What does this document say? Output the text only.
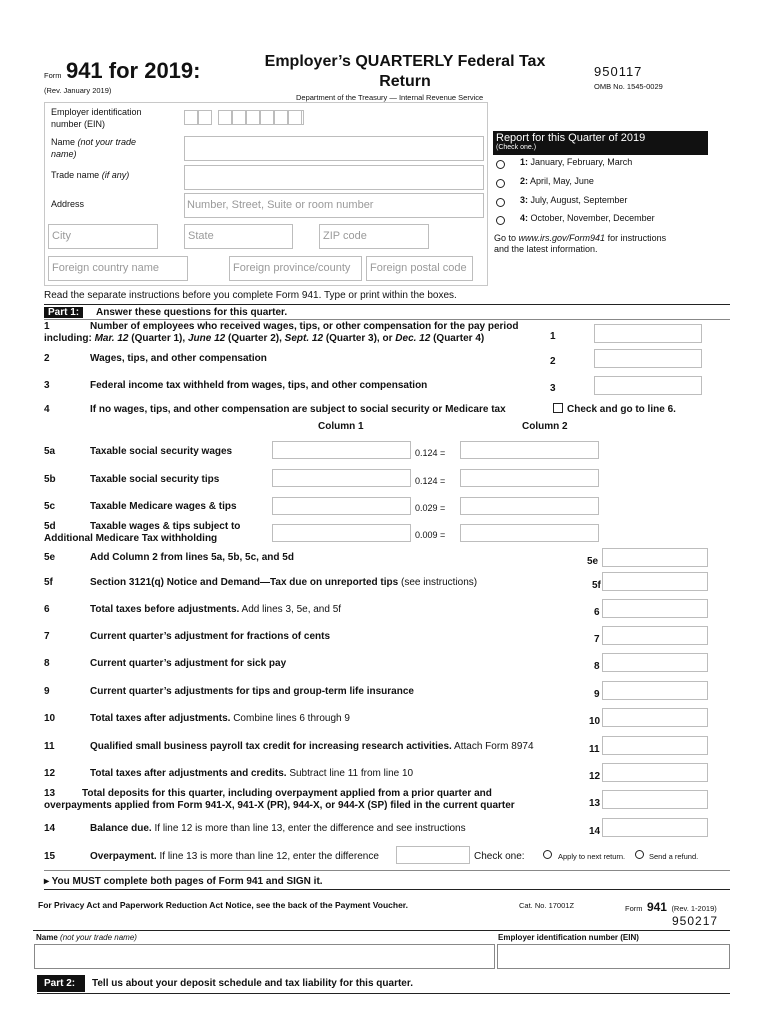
Form 941 for 2019:
(Rev. January 2019)
Employer’s QUARTERLY Federal Tax
Return
Department of the Treasury — Internal Revenue Service
950117
OMB No. 1545-0029
Employer identification
number (EIN)
Name (not your trade
name)
Trade name (if any)
Address	Number, Street, Suite or room number
City	State	ZIP code
Foreign country name	Foreign province/county Foreign postal code
Report for this Quarter of 2019
(Check one.)
1: January, February, March
2: April, May, June
3: July, August, September
4: October, November, December
Go to www.irs.gov/Form941 for instructions
and the latest information.
Read the separate instructions before you complete Form 941. Type or print within the boxes.
Part 1:	Answer these questions for this quarter.
1	Number of employees who received wages, tips, or other compensation for the pay period
including: Mar. 12 (Quarter 1), June 12 (Quarter 2), Sept. 12 (Quarter 3), or Dec. 12 (Quarter 4)	1
2	Wages, tips, and other compensation	2
3	Federal income tax withheld from wages, tips, and other compensation	3
4	If no wages, tips, and other compensation are subject to social security or Medicare tax	Check and go to line 6.
Column 1	Column 2
5a	Taxable social security wages	0.124 =
5b	Taxable social security tips	0.124 =
5c	Taxable Medicare wages & tips	0.029 =
5d	Taxable wages & tips subject to
Additional Medicare Tax withholding	0.009 =
5e	Add Column 2 from lines 5a, 5b, 5c, and 5d	5e
5f	Section 3121(q) Notice and Demand—Tax due on unreported tips (see instructions)	5f
6	Total taxes before adjustments. Add lines 3, 5e, and 5f	6
7	Current quarter’s adjustment for fractions of cents	7
8	Current quarter’s adjustment for sick pay	8
9	Current quarter’s adjustments for tips and group-term life insurance	9
10	Total taxes after adjustments. Combine lines 6 through 9	10
11	Qualified small business payroll tax credit for increasing research activities. Attach Form 8974	11
12	Total taxes after adjustments and credits. Subtract line 11 from line 10	12
13	Total deposits for this quarter, including overpayment applied from a prior quarter and
overpayments applied from Form 941-X, 941-X (PR), 944-X, or 944-X (SP) filed in the current quarter	13
14	Balance due. If line 12 is more than line 13, enter the difference and see instructions	14
15	Overpayment. If line 13 is more than line 12, enter the difference	Check one:	Apply to next return.	Send a refund.
▸ You MUST complete both pages of Form 941 and SIGN it.
For Privacy Act and Paperwork Reduction Act Notice, see the back of the Payment Voucher.	Cat. No. 17001Z	Form 941 (Rev. 1-2019)
950217
Name (not your trade name)	Employer identification number (EIN)
Part 2: Tell us about your deposit schedule and tax liability for this quarter.
